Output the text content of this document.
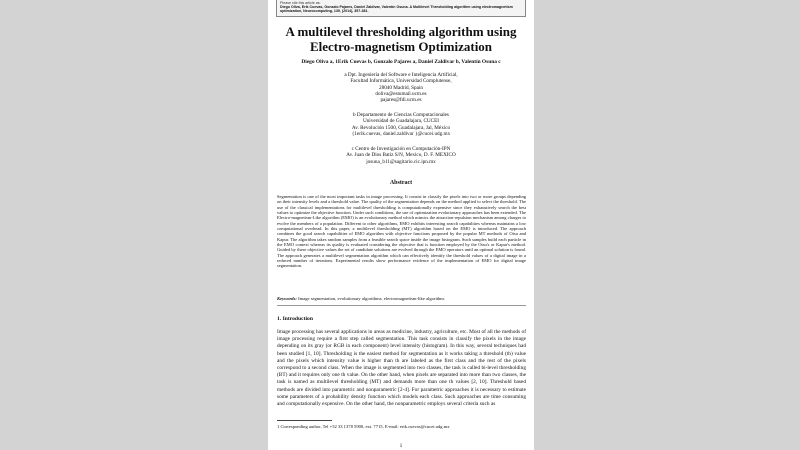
Please cite this article as:
Diego Oliva, Erik Cuevas, Gonzalo Pajares, Daniel Zaldivar, Valentín Osuna. A Multilevel Thresholding algorithm using electromagnetism optimization, Neurocomputing, 139, (2014), 357-381.
A multilevel thresholding algorithm using Electro-magnetism Optimization
Diego Oliva a, 1Erik Cuevas b, Gonzalo Pajares a, Daniel Zaldivar b, Valentín Osuna c
a Dpt. Ingeniería del Software e Inteligencia Artificial,
Facultad Informática, Universidad Complutense,
28040 Madrid, Spain
doliva@estumail.ucm.es
pajares@fdi.ucm.es
b Departamento de Ciencias Computacionales
Universidad de Guadalajara, CUCEI
Av. Revolución 1500, Guadalajara, Jal, México
{1erik.cuevas, daniel.zaldivar }@cucei.udg.mx
c Centro de Investigación en Computación-IPN
Av. Juan de Dios Batiz S/N, Mexico, D. F. MEXICO
josuna_b11@sagitario.cic.ipn.mx
Abstract
Segmentation is one of the most important tasks in image processing. It consist in classify the pixels into two or more groups depending on their intensity levels and a threshold value. The quality of the segmentation depends on the method applied to select the threshold. The use of the classical implementations for multilevel thresholding is computationally expensive since they exhaustively search the best values to optimize the objective function. Under such conditions, the use of optimization evolutionary approaches has been extended. The Electro-magnetism-Like algorithm (EMO) is an evolutionary method which mimics the attraction-repulsion mechanism among charges to evolve the members of a population. Different to other algorithms, EMO exhibits interesting search capabilities whereas maintains a low computational overhead. In this paper, a multilevel thresholding (MT) algorithm based on the EMO is introduced. The approach combines the good search capabilities of EMO algorithm with objective functions proposed by the popular MT methods of Otsu and Kapur. The algorithm takes random samples from a feasible search space inside the image histogram. Such samples build each particle in the EMO context whereas its quality is evaluated considering the objective that is function employed by the Otsu's or Kapur's method. Guided by these objective values the set of candidate solutions are evolved through the EMO operators until an optimal solution is found. The approach generates a multilevel segmentation algorithm which can effectively identify the threshold values of a digital image in a reduced number of iterations. Experimental results show performance evidence of the implementation of EMO for digital image segmentation.
Keywords: Image segmentation, evolutionary algorithms, electromagnetism-like algorithm.
1. Introduction
Image processing has several applications in areas as medicine, industry, agriculture, etc. Most of all the methods of image processing require a first step called segmentation. This task consists in classify the pixels in the image depending on its gray (or RGB in each component) level intensity (histogram). In this way, several techniques had been studied [1, 10]. Thresholding is the easiest method for segmentation as it works taking a threshold (th) value and the pixels which intensity value is higher than th are labeled as the first class and the rest of the pixels correspond to a second class. When the image is segmented into two classes, the task is called bi-level thresholding (BT) and it requires only one th value. On the other hand, when pixels are separated into more than two classes, the task is named as multilevel thresholding (MT) and demands more than one th values [2, 10]. Threshold based methods are divided into parametric and nonparametric [2-4]. For parametric approaches it is necessary to estimate some parameters of a probability density function which models each class. Such approaches are time consuming and computationally expensive. On the other hand, the nonparametric employs several criteria such as
1 Corresponding author, Tel +52 33 1378 5900, ext. 7715, E-mail: erik.cuevas@cucei.udg.mx
1
